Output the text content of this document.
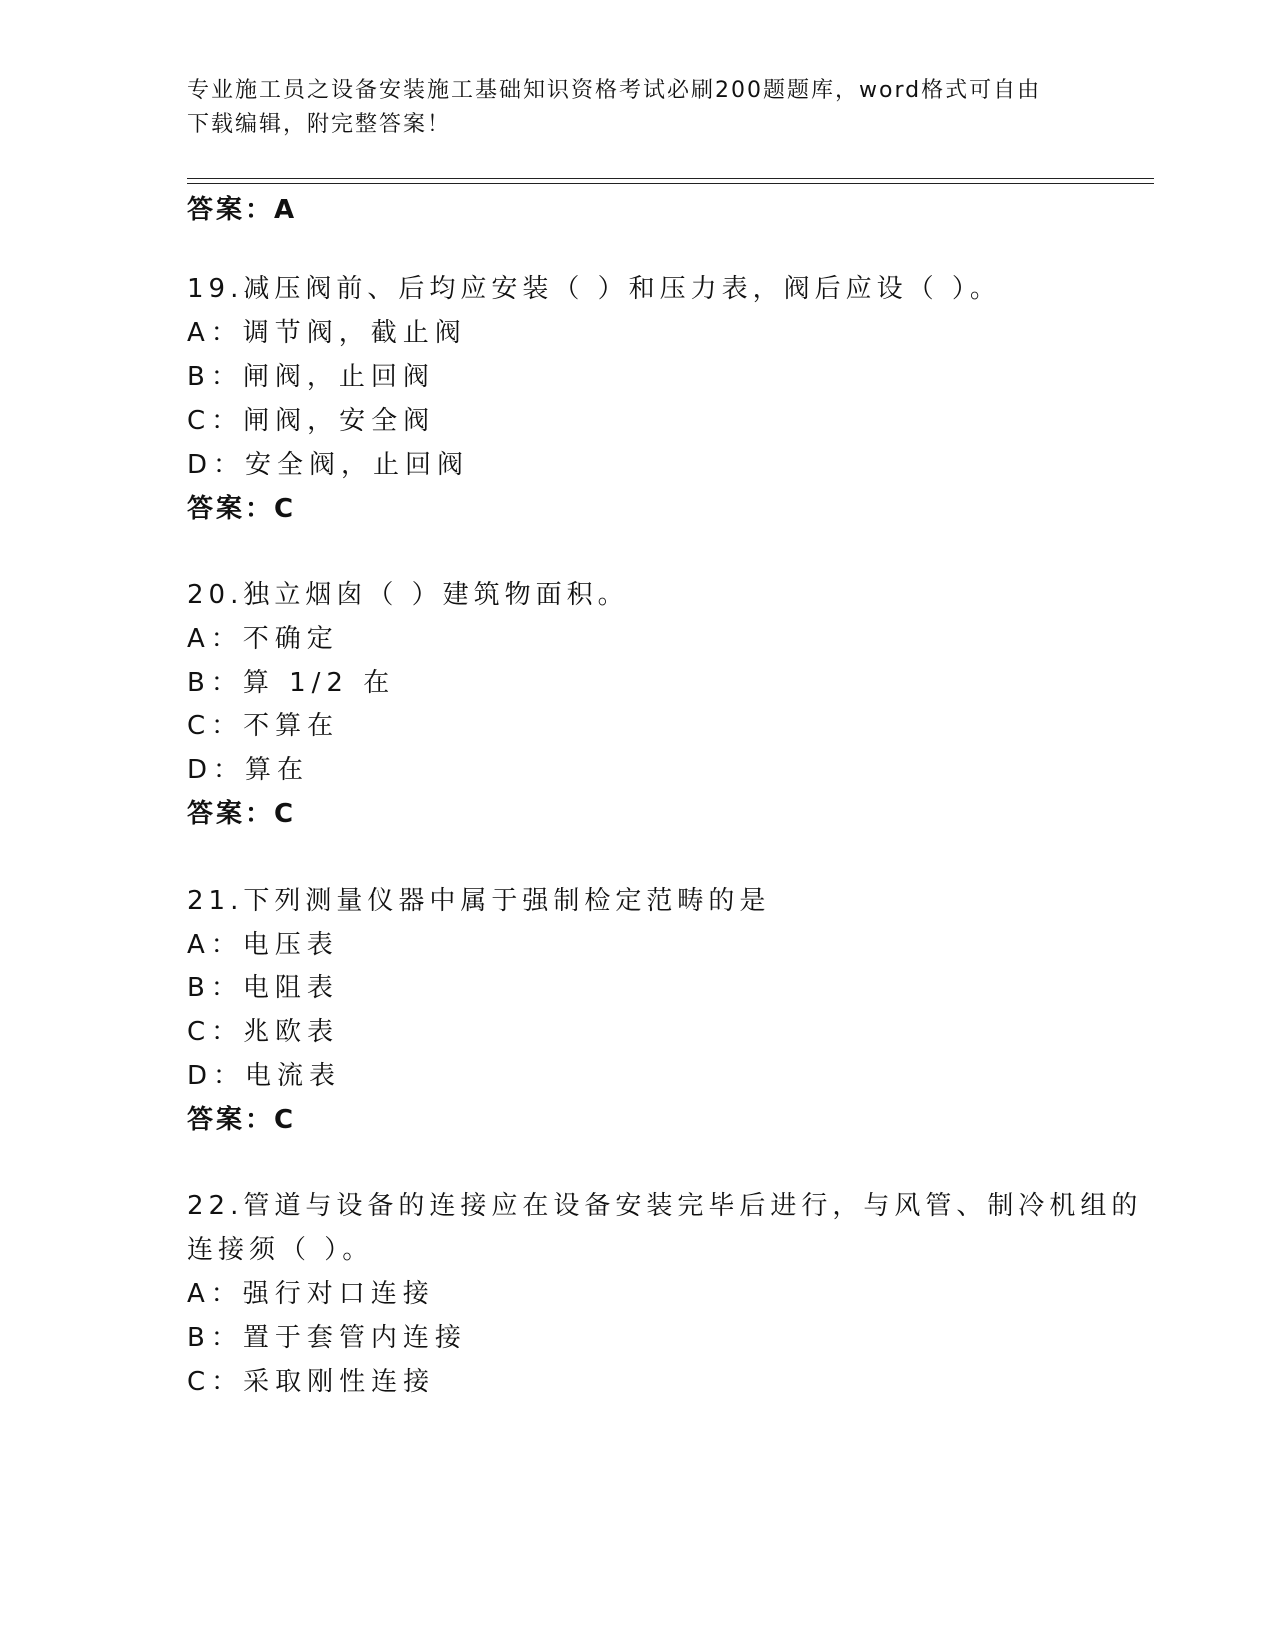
专业施工员之设备安装施工基础知识资格考试必刷200题题库，word格式可自由
下载编辑，附完整答案！
答案：A
19.减压阀前、后均应安装（ ）和压力表，阀后应设（ ）。
A：调节阀，截止阀
B：闸阀，止回阀
C：闸阀，安全阀
D：安全阀，止回阀
答案：C
20.独立烟囱（ ）建筑物面积。
A：不确定
B：算 1/2 在
C：不算在
D：算在
答案：C
21.下列测量仪器中属于强制检定范畴的是
A：电压表
B：电阻表
C：兆欧表
D：电流表
答案：C
22.管道与设备的连接应在设备安装完毕后进行，与风管、制冷机组的
连接须（ ）。
A：强行对口连接
B：置于套管内连接
C：采取刚性连接
